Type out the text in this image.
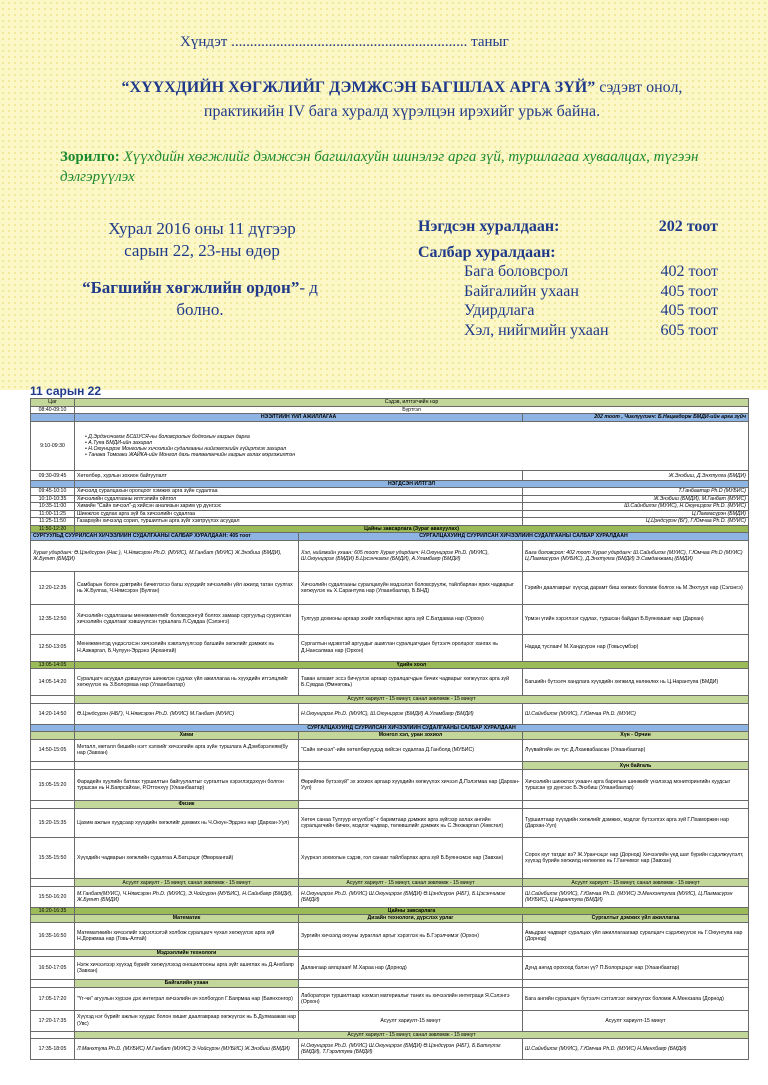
Хүндэт ............................................................... таныг
“ХҮҮХДИЙН ХӨГЖЛИЙГ ДЭМЖСЭН БАГШЛАХ АРГА ЗҮЙ” сэдэвт онол, практикийн IV бага хуралд хүрэлцэн ирэхийг урьж байна.
Зорилго: Хүүхдийн хөгжлийг дэмжсэн багшлахуйн шинэлэг арга зүй, туршлагаа хуваалцах, түгээн дэлгэрүүлэх
Хурал 2016 оны 11 дүгээр
сарын 22, 23-ны өдөр
“Багшийн хөгжлийн ордон”- д болно.
Нэгдсэн хуралдаан:	202 тоот
Салбар хуралдаан:
Бага боловсрол	402 тоот
Байгалийн ухаан	405 тоот
Удирдлага	405 тоот
Хэл, нийгмийн ухаан	605 тоот
11 сарын 22
Цаг	Сэдэв, илтгэгчийн нэр		
08:40-09:10	Бүртгэл		
	НЭЭЛТИЙН ҮЙЛ АЖИЛЛАГАА		202 тоот , Чиглүүлэгч: Б.Нацагдорж БМДИ-ийн арга зүйч
9:10-09:30	• Д.Эрдэнэчимэг БСШУСЯ-ны боловсролын бодлогын газрын дарга
• А.Туяа БМДИ-ийн захирал
• Н.Оюунцэрэг Монголын хичээлийн судалгааны нийгэмлэгийн гүйцэтгэх захирал
• Танака Томоаки ЖАЙКА-ийн Монгол дахь төлөөлөгчийн газрын ахлах мэргэжилтэн		

09:30-09:45	Хөтөлбөр, хурлын зохион байгуулалт		Ж.Энэбиш, Д.Энхтулга (БМДИ)
	НЭГДСЭН ИЛТГЭЛ		
09:45-10:10	Хичээлд суралцахын оролцоог хэмжих арга зүйн судалгаа		Т.Ганбаатар Ph.D (МУБИС)
10:10-10:35	Хичээлийн судалгааны илтгэлийн ойлгол		Ж.Энэбиш (БМДИ), М.Ганбат (МУИС)
10:35-11:00	Химийн "Сайн хичээл"-д хийсэн анализын зарим үр дүнгээс		Ш.Сайнбилэг (МУИС), Н.Оюунцэрэг Ph.D. (МУИС)
11:00-11:25	Шинжлэх судлах арга зүй ба хичээлийн судалгаа		Ц.Пагмасүрэн (БМДИ)
11:25-11:50	Газарзүйн хичээлд сорил, туршилтын арга зүйг хэвтрүүлэх асуудал		Ц.Цэндсүрэн (БГ), Г.Юмчаа Ph.D. (МУИС)
11:50-12:20	Цайны завсарлага (Зураг авахуулах)		
СУРГУУЛЬД СУУРИЛСАН ХИЧЭЭЛИЙН СУДАЛГААНЫ САЛБАР ХУРАЛДААН: 405 тоот		СУРГАЛЦАХУЙНД СУУРИЛСАН ХИЧЭЭЛИЙН СУДАЛГААНЫ САЛБАР ХУРАЛДААН	
Хурал удирдагч: Ө.Цэндсүрэн (Нас ), Ч.Нямсэрэн Ph.D. (МУИС), М.Ганбат (МУИС) Ж.Энэбиш (БМДИ), Ж.Буянт (БМДИ)		Хэл, нийгмийн ухаан: 605 тоот Хурал удирдагч: Н.Оюунцэрэг Ph.D. (МУИС), Ш.Оюунцэрэг (БМДИ) Б.Цэсэнчимэг (БМДИ), А.Уламбаяр (БМДИ)	Бага боловсрол: 402 тоот Хурал удирдагч: Ш.Сайнбилэг (МУИС), Г.Юмчаа Ph.D (МУИС) Ц.Пагмасүрэн (МУБИС), Д.Энхтулга (БМДИ) Э.Самданжамц (БМДИ)
12:20-12:35	Самбарын болон дэвтрийн бичиглэгээ багш хүүхдийг хичээлийн үйл ажилд татан суулгах нь Ж.Булгаа, Ч.Нямсэрэн (Булган)	Хичээлийн судалгааны суралцахуйн мэдээлэл боловсруулж, тайлбарлан ярих чадварыг хөгжүүлэх нь Х.Сарантуяа нар (Улаанбаатар, Б.БНД)	Гэрийн даалгаврыг хүүхэд дарамт биш хөгжих боломж болгох нь М.Энхтуул нар (Сэлэнгэ)
12:35-12:50	Хичээлийн судалгааны менежментийг боловсронгуй болгох замаар сургуульд суурилсан хичээлийн судалгааг хэвшүүлсэн туршлага Л.Сувдаа (Сэлэнгэ)	Тулгуур дохионы аргаар эхийг хялбарчлах арга зүй С.Батдаваа нар (Орхон)	Үрмэн үгийн хэрэглээг судлах, туршсан байдал Б.Буянхишиг нар (Дархан)
12:50-13:05	Менежментэд үндэслэсэн хичээлийн хэвлэлүүлгээр багшийн хөгжлийг дэмжих нь Н.Азжаргал, Б.Чулуун-Эрдэнэ (Архангай)	Сургалтын идэвхтэй аргуудыг ашиглан суралцагчдын бүтээлч оролцоог хангах нь Д.Нансалмаа нар (Орхон)	Надад туслаач! М.Хандсүрэн нар (Говьсүмбэр)
13:05-14:05	Үдийн хоол		
14:05-14:20	Суралцагч асуудал дэвшүүлэн шинжлэн судлах үйл ажиллагаа нь хүүхдийн итгэлцлийг хөгжүүлэх нь З.Болормаа нар (Улаанбаатар)	Таван алхамт эссэ бичүүлэх аргаар суралцагчдын бичих чадварыг хөгжүүлэх арга зүй Б.Сувдаа (Өмнөговь)	Багшийн бүтээлч хандлага хүүхдийн хөгжилд нөлөөлөх нь Ц.Нарантуяа (БМДИ)
	Асуулт хариулт - 15 минут, санал зөвлөмж - 15 минут		
14:20-14:50	Ө.Цэндсүрэн (НБГ), Ч.Нямсэрэн Ph.D. (МУИС) М.Ганбат (МУИС)	Н.Оюунцэрэг Ph.D. (МУИС), Ш.Оюунцэрэг (БМДИ) А.Уламбаяр (БМДИ)	Ш.Сайнбилэг (МУИС), Г.Юмчаа Ph.D. (МУИС)
	СУРГАЛЦАХУЙНД СУУРИЛСАН ХИЧЭЭЛИЙН СУДАЛГААНЫ САЛБАР ХУРАЛДААН		
	Хими	Монгол хэл, уран зохиол	Хүн - Орчин
14:50-15:05	Металл, металл бишийн нэгт хэлхийг хичээлийн арга зүйн туршлага А.Дэмбэрэлням(бу нар (Завхан)	"Сайн хичээл"-ийн хөтөлбөрүүдэд хийсэн судалгаа Д.Ганболд (МУБИС)	Лүүвайгийн ач тус Д.Лхаевабаасан (Улаанбаатар)
			Хүн байгаль
15:05-15:20	Фарадейн хуулийн батлах туршилтын байгуулалтыг сургалтын хэрэглэгдэхүүн болгон туршсан нь Н.Баярсайхан, Р.Отгонхүү (Улаанбаатар)	Өөрийгөө бүтээхүй" эх зохиох аргаар хүүхдийн хөгжүүлэх хичээл Д.Пэлэгмаа нар (Дархан-Уул)	Хичээлийн шинжлэх ухаанч арга барилын шинжийг үнэлэхэд мониторингийн хуудсыг туршсан үр дүнгээс Б.Энэбиш (Улаанбаатар)
	Физик		
15:20-15:35	Цахим ажлын хуудсаар хүүхдийн хөгжлийг дэмжих нь Ч.Оюун-Эрдэнэ нар (Дархан-Уул)	Хөтөч санаа Тулгуур өгүүлбэр"-г баримтаар дэмжих арга зүйгээр ахлах ангийн суралцагчийн бичих, мэдлэг чадвар, төлөвшлийг дэмжих нь С.Энхжаргал (Хөвсгөл)	Туршилтаар хүүхдийн хөгжлийг дэмжих, мэдлэг бүтээлгэх арга зүй Г.Пхаморжин нар (Дархан-Уул)
15:35-15:50	Хүүхдийн чадварын хөгжлийн судалгаа А.Батцэцэг (Өвөрхангай)	Хүүрнэл зохиолын сэдэв, гол санааг тайлбарлах арга зүй Б.Буяннэмэх нар (Завхан)	Сорох юуг татдаг вэ? Ж.Уранчэцэг нар (Дорнод) Хичээлийн үед шат бүрийн сэдэлжүүлэлт, хүүхэд бүрийн хөгжилд нөлөөлөх нь Г.Ганчимэг нар (Завхан)
	Асуулт хариулт - 15 минут, санал зөвлөмж - 15 минут	Асуулт хариулт - 15 минут, санал зөвлөмж - 15 минут	Асуулт хариулт - 15 минут, санал зөвлөмж - 15 минут
15:50-16:20	М.Ганбат(МУИС), Ч.Нямсэрэн Ph.D. (МУИС), Э.Чойсүрэн (МУБИС), Н.Сайнбаяр (БМДИ), Ж.Буянт (БМДИ)	Н.Оюунцэрэг Ph.D. (МУИС) Ш.Оюунцэрэг (БМДИ) Ө.Цэндсүрэн (НБГ), Б.Цэсэнчимэг (БМДИ)	Ш.Сайнбилэг (МУИС), Г.Юмчаа Ph.D. (МУИС) Э.Менхэнтулга (МУИС), Ц.Пагмасүрэн (МУБИС), Ц.Нарантуяа (БМДИ)
16:20-16:35	Цайны завсарлага		
	Математик	Дизайн технологи, дүрслэх урлаг	Сургалтыг дэмжих үйл ажиллагаа
16:35-16:50	Математикийн хичээлийг хэрэглээтэй холбож суралцагч чухал хөгжүүлэх арга зүй Н.Доржмаа нар (Говь-Алтай)	Зургийн хичээлд оюуны зураглал аргыг хэрэглэх нь Б.Гэрэлчимэг (Орхон)	Амьдрах чадварт суралцах үйл ажиллагаагаар суралцагч сэдэлжүүлэх нь Г.Оюунтуяа нар (Дорнод)
	Мэдээллийн технологи		
16:50-17:05	Нэгж хичээлээр хүүхэд бүрийг хөгжүүлэхэд оношилгооны арга зүйг ашиглах нь Д.Анхбаяр (Завхан)	Далангаар аялцгаая! М.Хараа нар (Дорнод)	Дунд ангид орохоод бэлэн үү? П.Болорцэцэг нар (Улаанбаатар)
	Байгалийн ухаан		
17:05-17:20	"Үг-чи" агуулын хүрээн дэх интеграл хичээлийн ач холбогдол Г.Баярмаа нар (Баянхонгор)	Лаборатори туршилтаар нэхмэл материалыг таних нь хичээлийн интеграци Я.Сэлэнгэ (Орхон)	Бага ангийн суралцагч бүтээлч сэтгэлгээг хөгжүүлэх боломж А.Мөнхзаяа (Дорнод)
17:20-17:35	Хүүхэд нэг бүрийг ажлын хуудас болон хишиг даалгавраар хөгжүүлэх нь Б.Дулмаажав нар (Увс)	Асуулт хариулт-15 минут	Асуулт хариулт-15 минут
	Асуулт хариулт - 15 минут, санал зөвлөмж - 15 минут		
17:35-18:05	Л.Мөнхтуяа Ph.D. (МУБИС) М.Ганбат (МУИС) Э.Чойсүрэн (МУБИС) Ж.Энэбиш (БМДИ)	Н.Оюунцэрэг Ph.D. (МУИС) Ш.Оюунцэрэг (БМДИ) Ө.Цэндсүрэн (НБГ), Б.Батгүлэг (БМДИ), Т.Гэрэлтуяа (БМДИ)	Ш.Сайнбилэг (МУИС), Г.Юмчаа Ph.D. (МУИС) Н.Менхбаяр (БМДИ)
